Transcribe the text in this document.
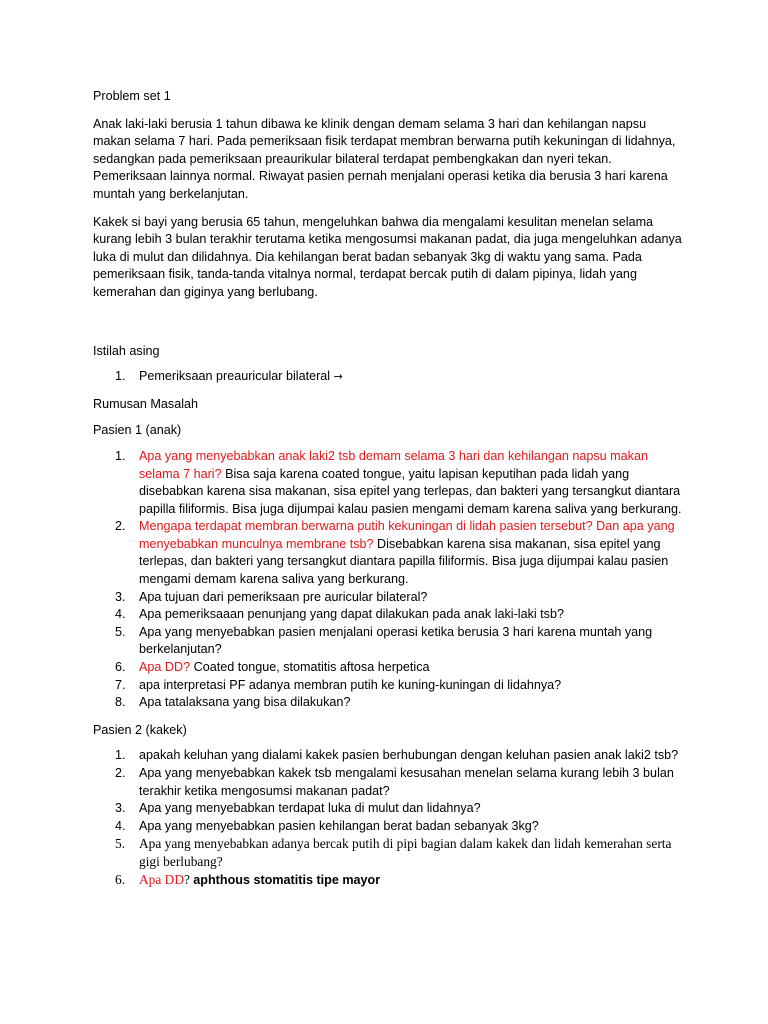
Problem set 1

Anak laki-laki berusia 1 tahun dibawa ke klinik dengan demam selama 3 hari dan kehilangan napsu makan selama 7 hari. Pada pemeriksaan fisik terdapat membran berwarna putih kekuningan di lidahnya, sedangkan pada pemeriksaan preaurikular bilateral terdapat pembengkakan dan nyeri tekan. Pemeriksaan lainnya normal. Riwayat pasien pernah menjalani operasi ketika dia berusia 3 hari karena muntah yang berkelanjutan.

Kakek si bayi yang berusia 65 tahun, mengeluhkan bahwa dia mengalami kesulitan menelan selama kurang lebih 3 bulan terakhir terutama ketika mengosumsi makanan padat, dia juga mengeluhkan adanya luka di mulut dan dilidahnya. Dia kehilangan berat badan sebanyak 3kg di waktu yang sama. Pada pemeriksaan fisik, tanda-tanda vitalnya normal, terdapat bercak putih di dalam pipinya, lidah yang kemerahan dan giginya yang berlubang.

Istilah asing

1. Pemeriksaan preauricular bilateral →

Rumusan Masalah

Pasien 1 (anak)

1. Apa yang menyebabkan anak laki2 tsb demam selama 3 hari dan kehilangan napsu makan selama 7 hari? Bisa saja karena coated tongue, yaitu lapisan keputihan pada lidah yang disebabkan karena sisa makanan, sisa epitel yang terlepas, dan bakteri yang tersangkut diantara papilla filiformis. Bisa juga dijumpai kalau pasien mengami demam karena saliva yang berkurang.
2. Mengapa terdapat membran berwarna putih kekuningan di lidah pasien tersebut? Dan apa yang menyebabkan munculnya membrane tsb? Disebabkan karena sisa makanan, sisa epitel yang terlepas, dan bakteri yang tersangkut diantara papilla filiformis. Bisa juga dijumpai kalau pasien mengami demam karena saliva yang berkurang.
3. Apa tujuan dari pemeriksaan pre auricular bilateral?
4. Apa pemeriksaaan penunjang yang dapat dilakukan pada anak laki-laki tsb?
5. Apa yang menyebabkan pasien menjalani operasi ketika berusia 3 hari karena muntah yang berkelanjutan?
6. Apa DD? Coated tongue, stomatitis aftosa herpetica
7. apa interpretasi PF adanya membran putih ke kuning-kuningan di lidahnya?
8. Apa tatalaksana yang bisa dilakukan?

Pasien 2 (kakek)

1. apakah keluhan yang dialami kakek pasien berhubungan dengan keluhan pasien anak laki2 tsb?
2. Apa yang menyebabkan kakek tsb mengalami kesusahan menelan selama kurang lebih 3 bulan terakhir ketika mengosumsi makanan padat?
3. Apa yang menyebabkan terdapat luka di mulut dan lidahnya?
4. Apa yang menyebabkan pasien kehilangan berat badan sebanyak 3kg?
5. Apa yang menyebabkan adanya bercak putih di pipi bagian dalam kakek dan lidah kemerahan serta gigi berlubang?
6. Apa DD? aphthous stomatitis tipe mayor
